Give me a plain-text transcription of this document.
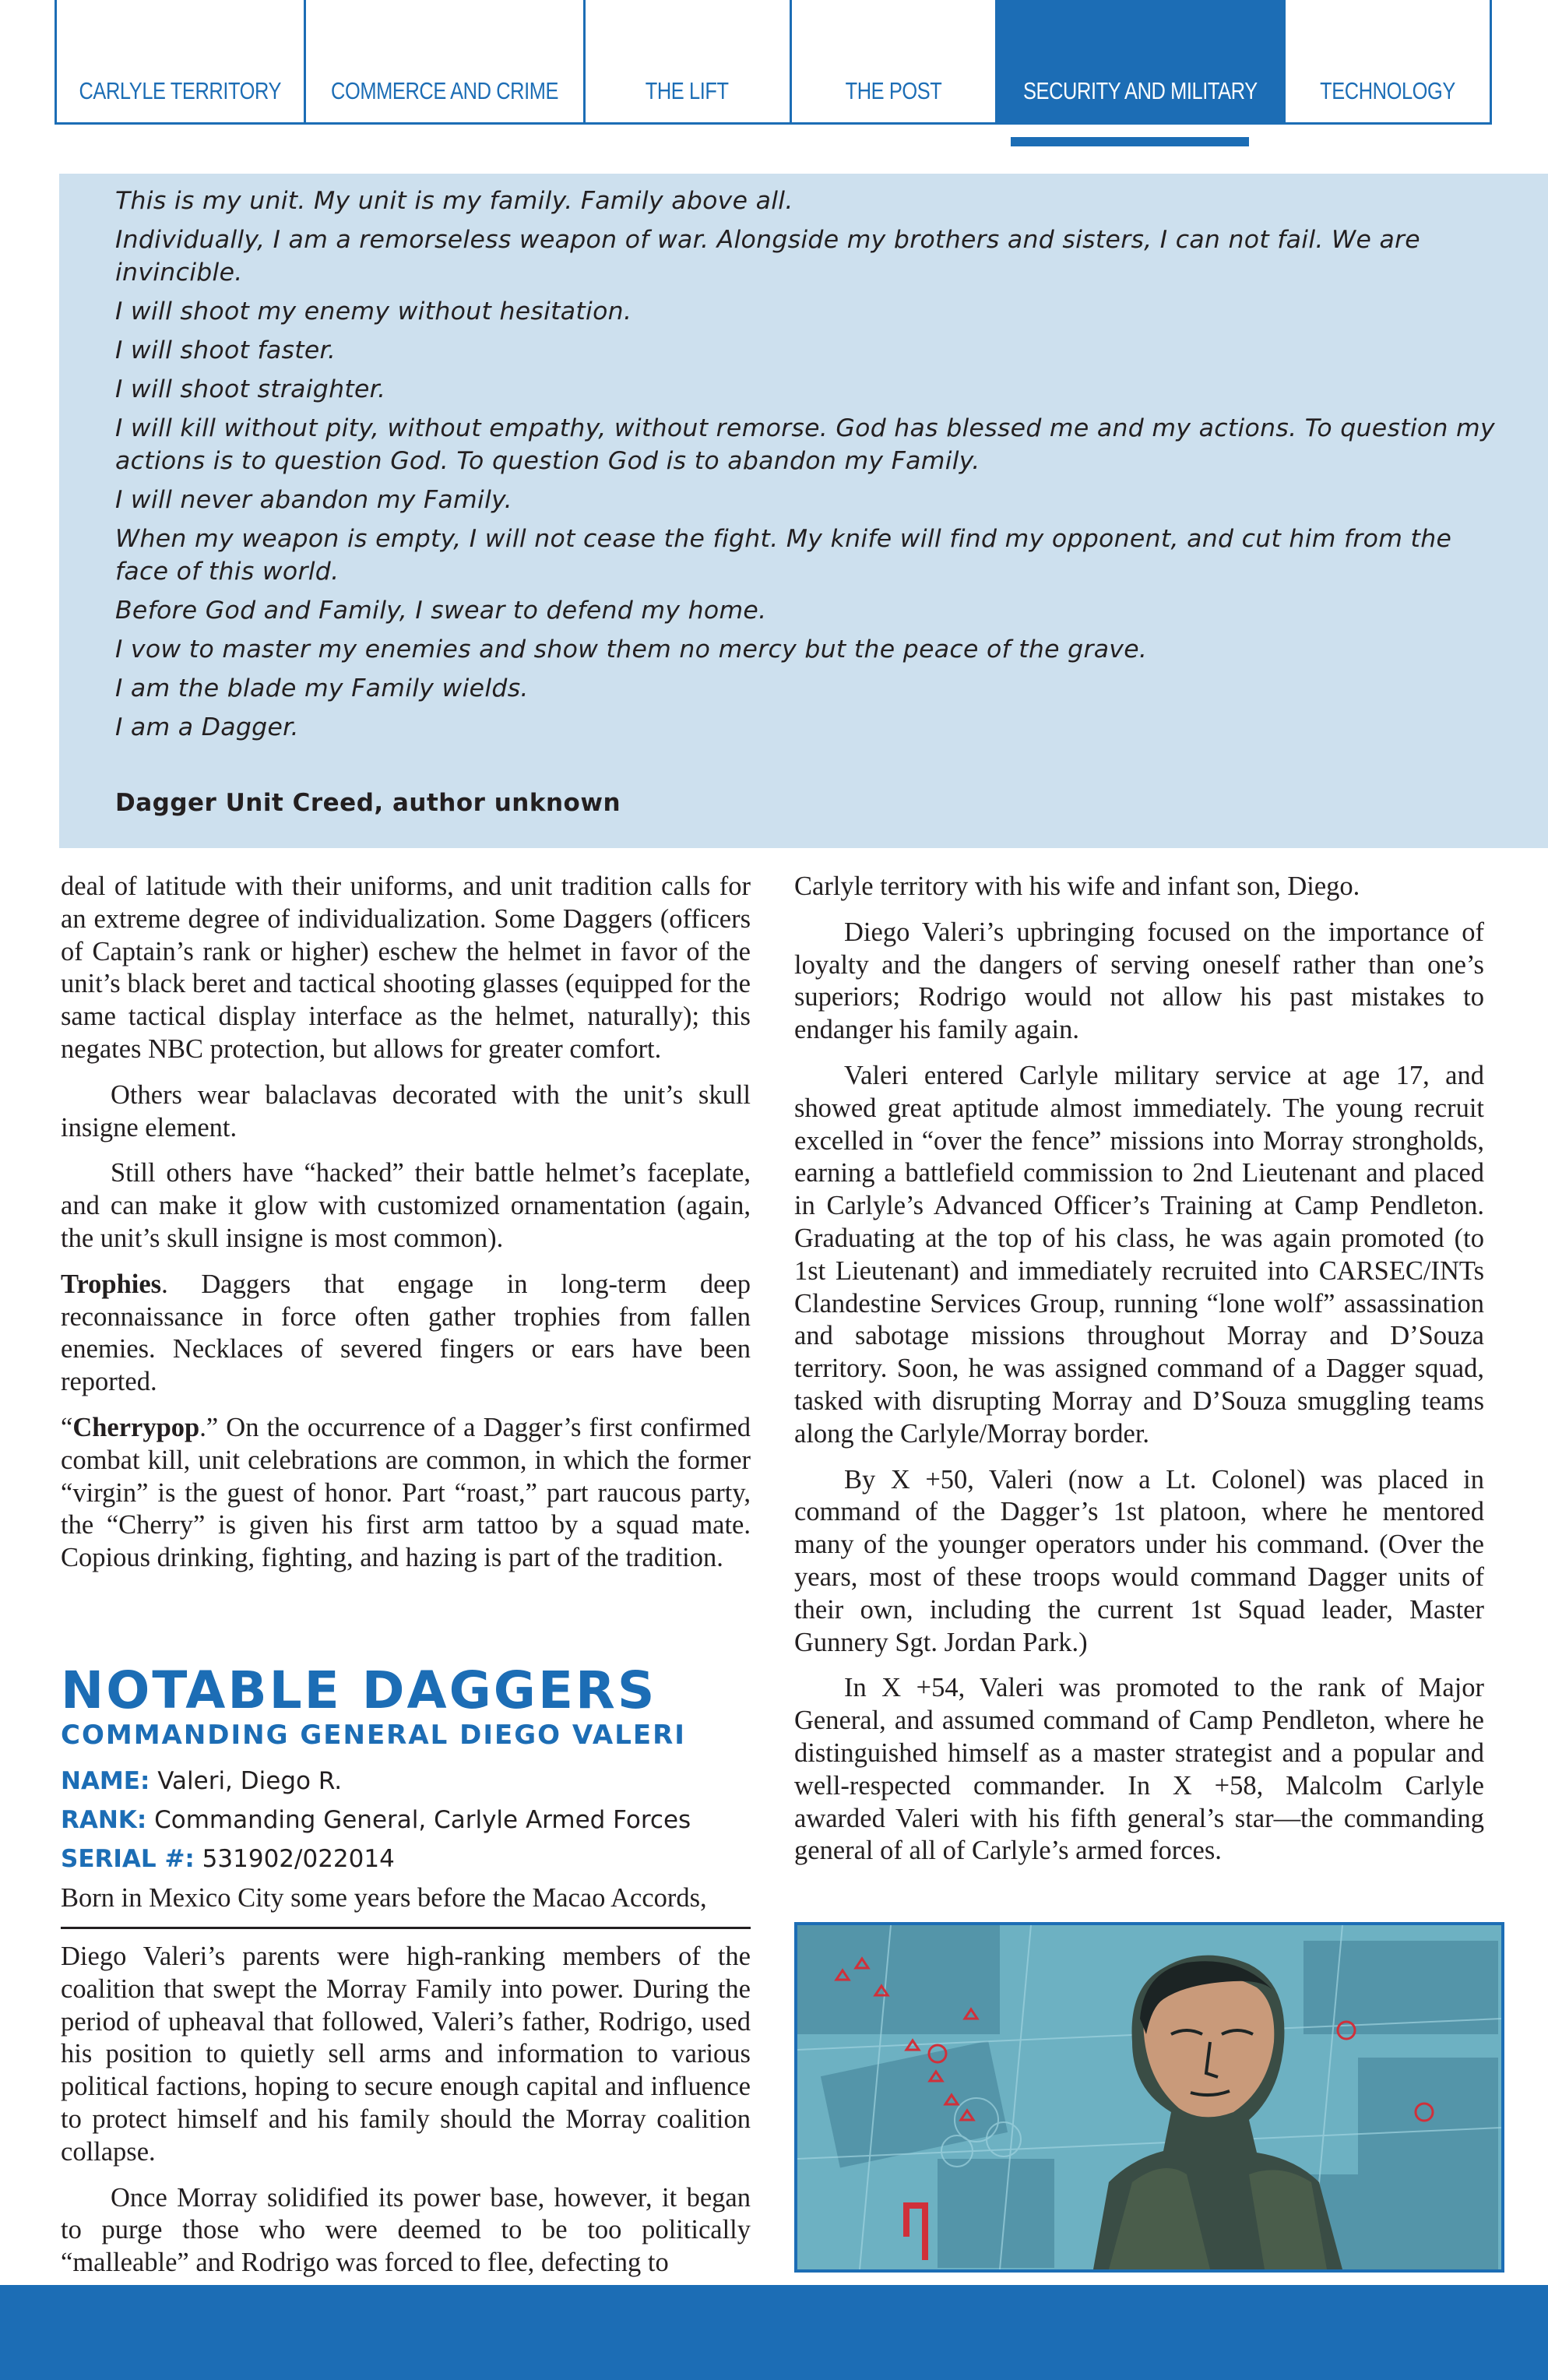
CARLYLE TERRITORY COMMERCE AND CRIME	THE LIFT	THE POST	SECURITY AND MILITARY	TECHNOLOGY

This is my unit. My unit is my family. Family above all.

Individually, I am a remorseless weapon of war. Alongside my brothers and sisters, I can not fail. We are invincible.

I will shoot my enemy without hesitation.

I will shoot faster.

I will shoot straighter.

I will kill without pity, without empathy, without remorse. God has blessed me and my actions. To question my actions is to question God. To question God is to abandon my Family.

I will never abandon my Family.

When my weapon is empty, I will not cease the fight. My knife will find my opponent, and cut him from the face of this world.

Before God and Family, I swear to defend my home.

I vow to master my enemies and show them no mercy but the peace of the grave.

I am the blade my Family wields.

I am a Dagger.

Dagger Unit Creed, author unknown

deal of latitude with their uniforms, and unit tradition calls for an extreme degree of individualization. Some Daggers (officers of Captain’s rank or higher) eschew the helmet in favor of the unit’s black beret and tactical shooting glasses (equipped for the same tactical display interface as the helmet, naturally); this negates NBC protection, but allows for greater comfort.

Others wear balaclavas decorated with the unit’s skull insigne element.

Still others have “hacked” their battle helmet’s faceplate, and can make it glow with customized ornamentation (again, the unit’s skull insigne is most common).

Trophies. Daggers that engage in long-term deep reconnaissance in force often gather trophies from fallen enemies. Necklaces of severed fingers or ears have been reported.

“Cherrypop.” On the occurrence of a Dagger’s first confirmed combat kill, unit celebrations are common, in which the former “virgin” is the guest of honor. Part “roast,” part raucous party, the “Cherry” is given his first arm tattoo by a squad mate. Copious drinking, fighting, and hazing is part of the tradition.

NOTABLE DAGGERS
COMMANDING GENERAL DIEGO VALERI

NAME: Valeri, Diego R.

RANK: Commanding General, Carlyle Armed Forces

SERIAL #: 531902/022014

Born in Mexico City some years before the Macao Accords,

Diego Valeri’s parents were high-ranking members of the coalition that swept the Morray Family into power. During the period of upheaval that followed, Valeri’s father, Rodrigo, used his position to quietly sell arms and information to various political factions, hoping to secure enough capital and influence to protect himself and his family should the Morray coalition collapse.

Once Morray solidified its power base, however, it began to purge those who were deemed to be too politically “malleable” and Rodrigo was forced to flee, defecting to

Carlyle territory with his wife and infant son, Diego.

Diego Valeri’s upbringing focused on the importance of loyalty and the dangers of serving oneself rather than one’s superiors; Rodrigo would not allow his past mistakes to endanger his family again.

Valeri entered Carlyle military service at age 17, and showed great aptitude almost immediately. The young recruit excelled in “over the fence” missions into Morray strongholds, earning a battlefield commission to 2nd Lieutenant and placed in Carlyle’s Advanced Officer’s Training at Camp Pendleton. Graduating at the top of his class, he was again promoted (to 1st Lieutenant) and immediately recruited into CARSEC/INTs Clandestine Services Group, running “lone wolf” assassination and sabotage missions throughout Morray and D’Souza territory. Soon, he was assigned command of a Dagger squad, tasked with disrupting Morray and D’Souza smuggling teams along the Carlyle/Morray border.

By X +50, Valeri (now a Lt. Colonel) was placed in command of the Dagger’s 1st platoon, where he mentored many of the younger operators under his command. (Over the years, most of these troops would command Dagger units of their own, including the current 1st Squad leader, Master Gunnery Sgt. Jordan Park.)

In X +54, Valeri was promoted to the rank of Major General, and assumed command of Camp Pendleton, where he distinguished himself as a master strategist and a popular and well-respected commander. In X +58, Malcolm Carlyle awarded Valeri with his fifth general’s star—the commanding general of all of Carlyle’s armed forces.
